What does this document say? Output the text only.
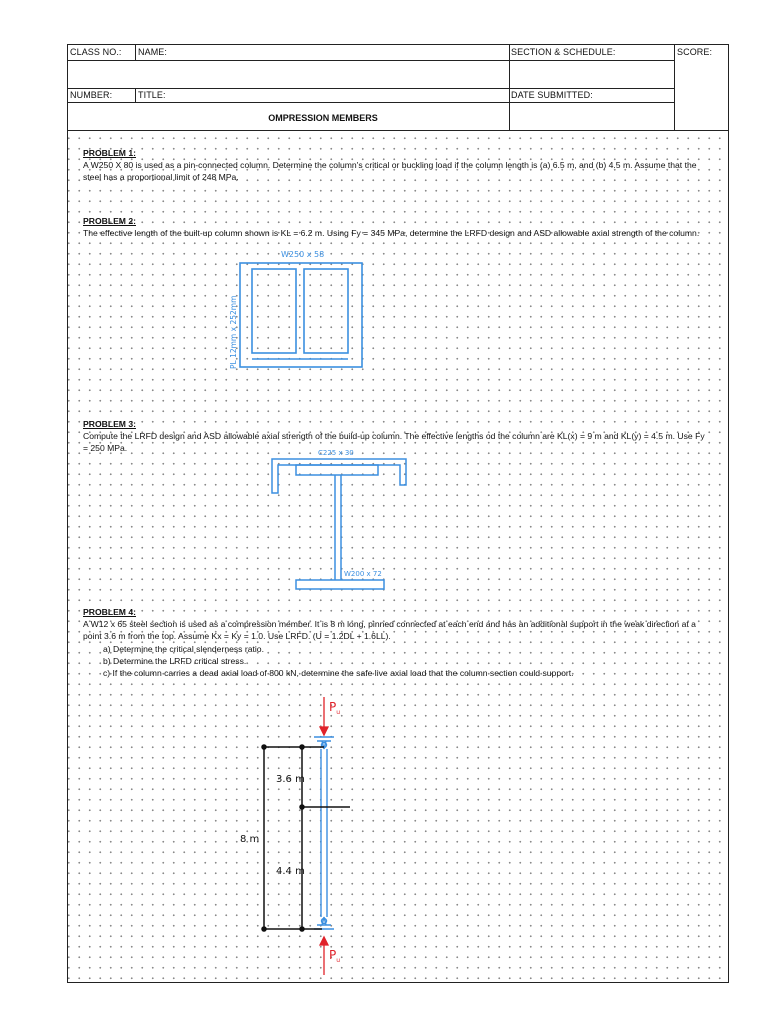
CLASS NO.: NAME:	SECTION & SCHEDULE:	SCORE:
NUMBER:	TITLE:	DATE SUBMITTED:
OMPRESSION MEMBERS
PROBLEM 1:

A W250 X 80 is used as a pin-connected column. Determine the column's critical or buckling load if the column length is (a) 6.5 m, and (b) 4.5 m. Assume that the steel has a proportional limit of 248 MPa.

PROBLEM 2:

The effective length of the built-up column shown is KL = 6.2 m. Using Fy = 345 MPa, determine the LRFD design and ASD allowable axial strength of the column.

W250 x 58
PL 12mm x 252mm
PROBLEM 3:

Compute the LRFD design and ASD allowable axial strength of the build-up column. The effective lengths od the column are KL(x) = 9 m and KL(y) = 4.5 m. Use Fy = 250 MPa.	C225 x 30
W200 x 72
PROBLEM 4:

A W12 x 65 steel section is used as a compression member. It is 8 m long, pinned connected at each end and has an additional support in the weak direction at a point 3.6 m from the top. Assume Kx = Ky = 1.0. Use LRFD. (U = 1.2DL + 1.6LL).

a) Determine the critical slenderness ratio.
b) Determine the LRFD critical stress.
c) If the column carries a dead axial load of 800 kN, determine the safe live axial load that the column section could support.
$P_u$
$P_u$
3.6 m
4.4 m
8 m
